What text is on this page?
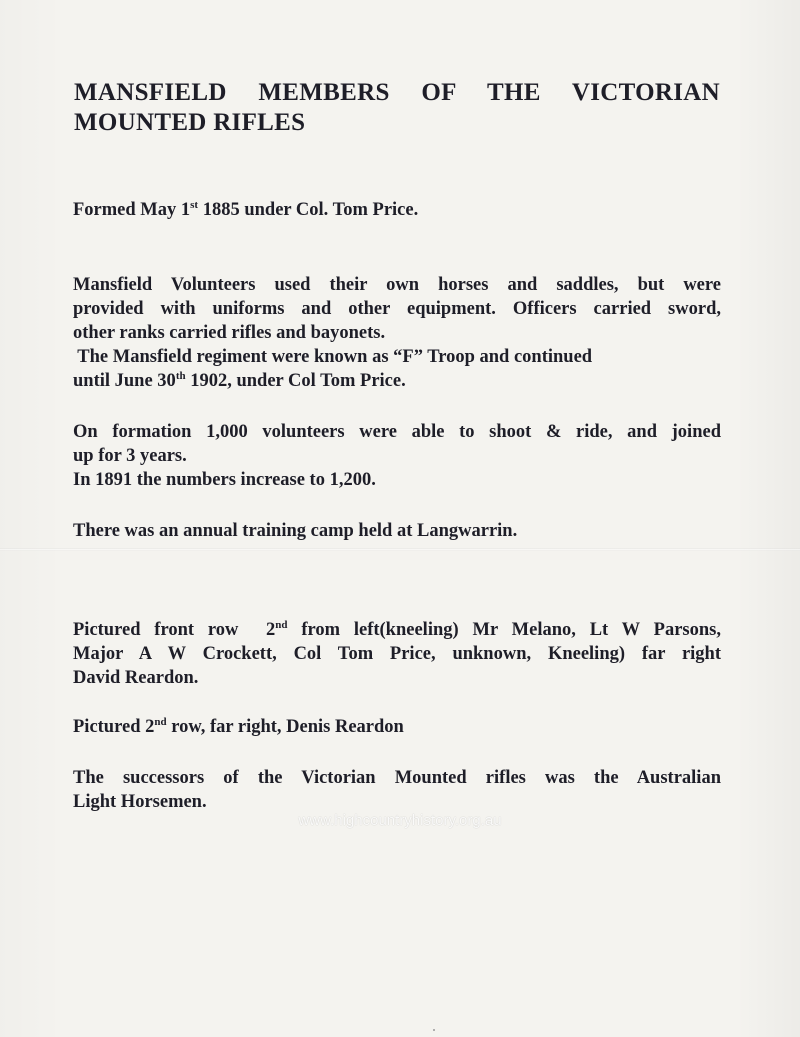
MANSFIELD MEMBERS OF THE VICTORIAN MOUNTED RIFLES

Formed May 1st 1885 under Col. Tom Price.

Mansfield Volunteers used their own horses and saddles, but were
provided with uniforms and other equipment. Officers carried sword,
other ranks carried rifles and bayonets.

The Mansfield regiment were known as “F” Troop and continued
until June 30th 1902, under Col Tom Price.

On formation 1,000 volunteers were able to shoot & ride, and joined
up for 3 years.
In 1891 the numbers increase to 1,200.

There was an annual training camp held at Langwarrin.

Pictured front row  2nd from left(kneeling) Mr Melano, Lt W Parsons,
Major A W Crockett, Col Tom Price, unknown, Kneeling) far right
David Reardon.

Pictured 2nd row, far right, Denis Reardon

The successors of the Victorian Mounted rifles was the Australian
Light Horsemen.

www.highcountryhistory.org.au
